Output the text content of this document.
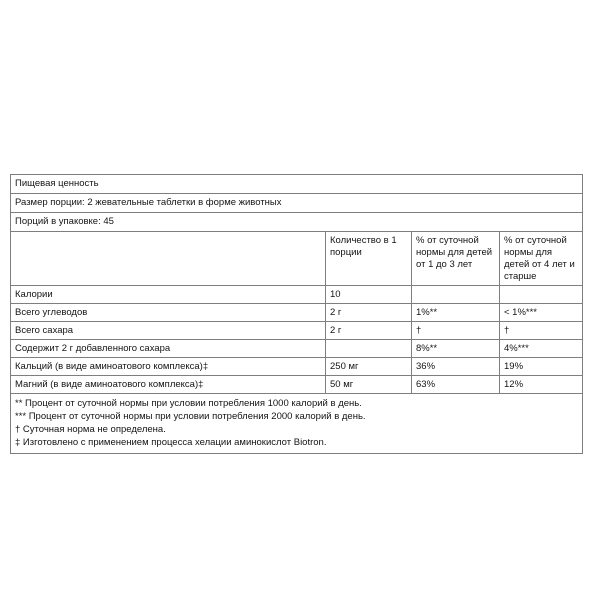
Пищевая ценность			
Размер порции: 2 жевательные таблетки в форме животных			
Порций в упаковке: 45			
	Количество в 1 порции	% от суточной нормы для детей от 1 до 3 лет	% от суточной нормы для детей от 4 лет и старше
Калории	10		
Всего углеводов	2 г	1%**	< 1%***
Всего сахара	2 г	†	†
Содержит 2 г добавленного сахара		8%**	4%***
Кальций (в виде аминоатового комплекса)‡	250 мг	36%	19%
Магний (в виде аминоатового комплекса)‡	50 мг	63%	12%

** Процент от суточной нормы при условии потребления 1000 калорий в день.
*** Процент от суточной нормы при условии потребления 2000 калорий в день.
† Суточная норма не определена.
‡ Изготовлено с применением процесса хелации аминокислот Biotron.			
